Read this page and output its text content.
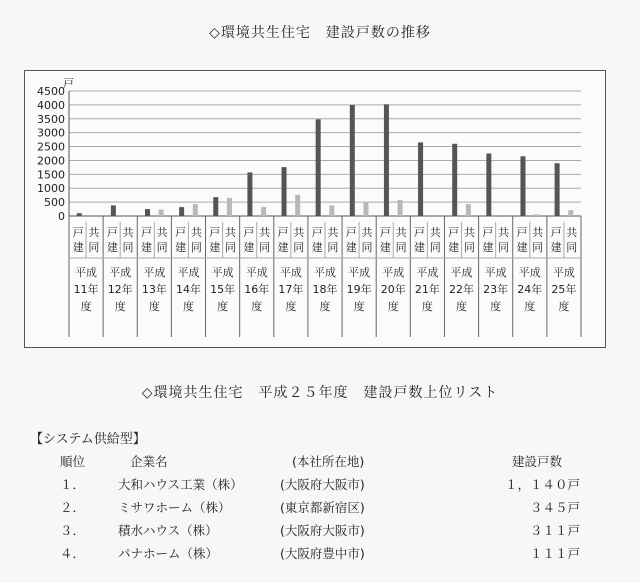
◇環境共生住宅　建設戸数の推移
0
500
1000
1500
2000
2500
3000
3500
4000
4500
戸
戸
建
共
同
平成
11年
度
戸
建
共
同
平成
12年
度
戸
建
共
同
平成
13年
度
戸
建
共
同
平成
14年
度
戸
建
共
同
平成
15年
度
戸
建
共
同
平成
16年
度
戸
建
共
同
平成
17年
度
戸
建
共
同
平成
18年
度
戸
建
共
同
平成
19年
度
戸
建
共
同
平成
20年
度
戸
建
共
同
平成
21年
度
戸
建
共
同
平成
22年
度
戸
建
共
同
平成
23年
度
戸
建
共
同
平成
24年
度
戸
建
共
同
平成
25年
度
◇環境共生住宅　平成２５年度　建設戸数上位リスト
【システム供給型】
順位	企業名	(本社所在地)	建設戸数
１．	大和ハウス工業（株）	(大阪府大阪市)	１，１４０戸
２．	ミサワホーム（株）	(東京都新宿区)	３４５戸
３．	積水ハウス（株）	(大阪府大阪市)	３１１戸
４．	パナホーム（株）	(大阪府豊中市)	１１１戸
